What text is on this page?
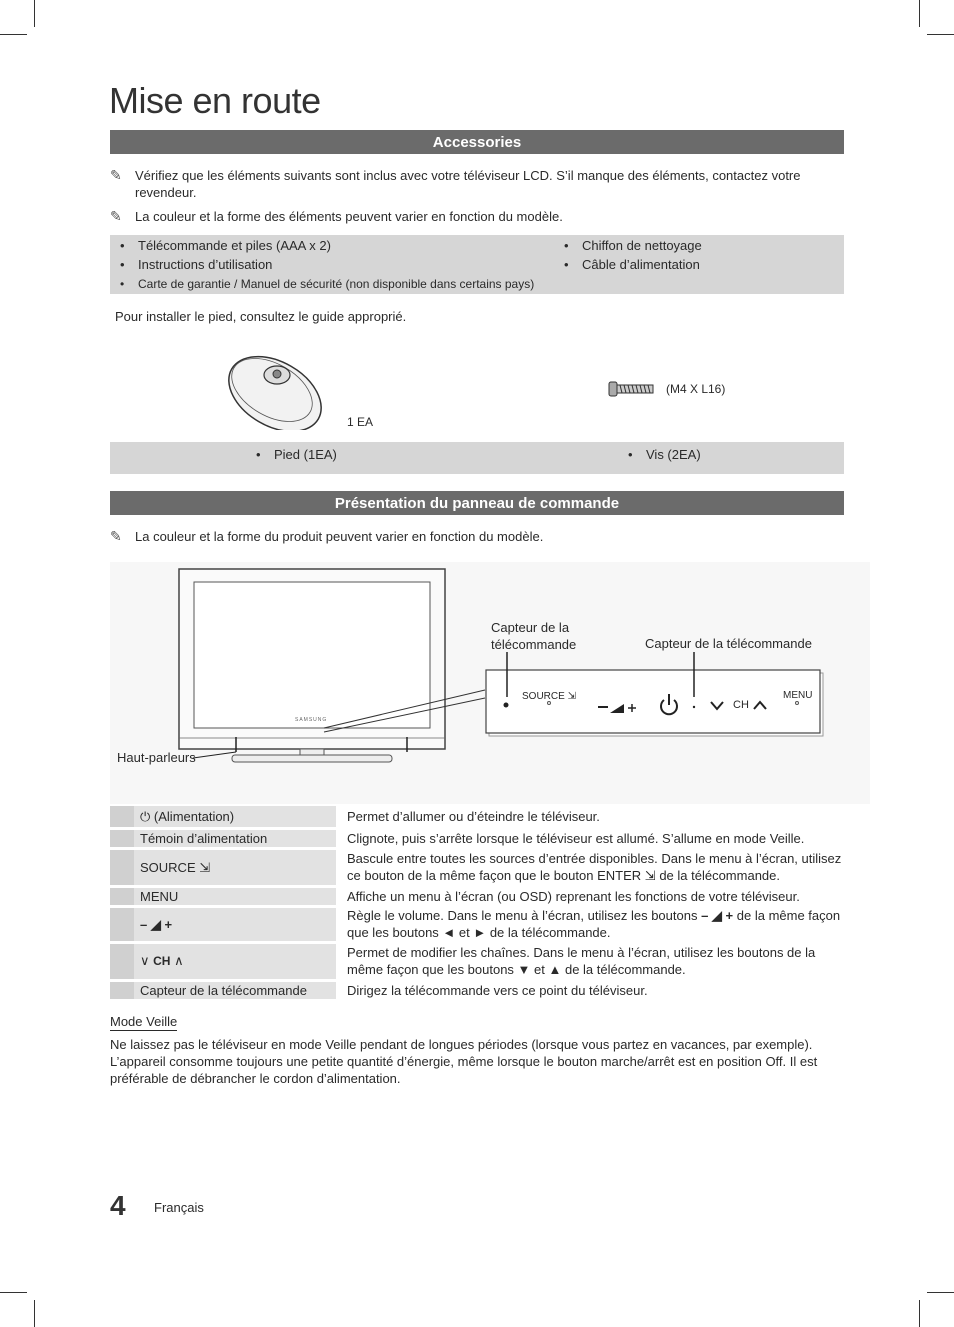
Mise en route
Accessories
✎	Vérifiez que les éléments suivants sont inclus avec votre téléviseur LCD. S’il manque des éléments, contactez votre revendeur.
✎	La couleur et la forme des éléments peuvent varier en fonction du modèle.
• Télécommande et piles (AAA x 2)
• Instructions d’utilisation
• Carte de garantie / Manuel de sécurité (non disponible dans certains pays)
• Chiffon de nettoyage
• Câble d’alimentation
Pour installer le pied, consultez le guide approprié.
1 EA
(M4 X L16)
• Pied (1EA)	• Vis (2EA)
Présentation du panneau de commande
✎	La couleur et la forme du produit peuvent varier en fonction du modèle.
SAMSUNG
Capteur de la télécommande	Capteur de la télécommande
Haut-parleurs
SOURCE ⇲
CH
MENU
	⏻ (Alimentation)		Permet d’allumer ou d’éteindre le téléviseur.
	Témoin d’alimentation		Clignote, puis s’arrête lorsque le téléviseur est allumé. S’allume en mode Veille.
	SOURCE ⇲		Bascule entre toutes les sources d’entrée disponibles. Dans le menu à l’écran, utilisez ce bouton de la même façon que le bouton ENTER ⇲ de la télécommande.
	MENU		Affiche un menu à l’écran (ou OSD) reprenant les fonctions de votre téléviseur.
	– ◢ +		Règle le volume. Dans le menu à l’écran, utilisez les boutons – ◢ + de la même façon que les boutons ◄ et ► de la télécommande.
	∨ CH ∧		Permet de modifier les chaînes. Dans le menu à l’écran, utilisez les boutons de la même façon que les boutons ▼ et ▲ de la télécommande.
	Capteur de la télécommande		Dirigez la télécommande vers ce point du téléviseur.
Mode Veille
Ne laissez pas le téléviseur en mode Veille pendant de longues périodes (lorsque vous partez en vacances, par exemple). L’appareil consomme toujours une petite quantité d’énergie, même lorsque le bouton marche/arrêt est en position Off. Il est préférable de débrancher le cordon d’alimentation.
4 Français
